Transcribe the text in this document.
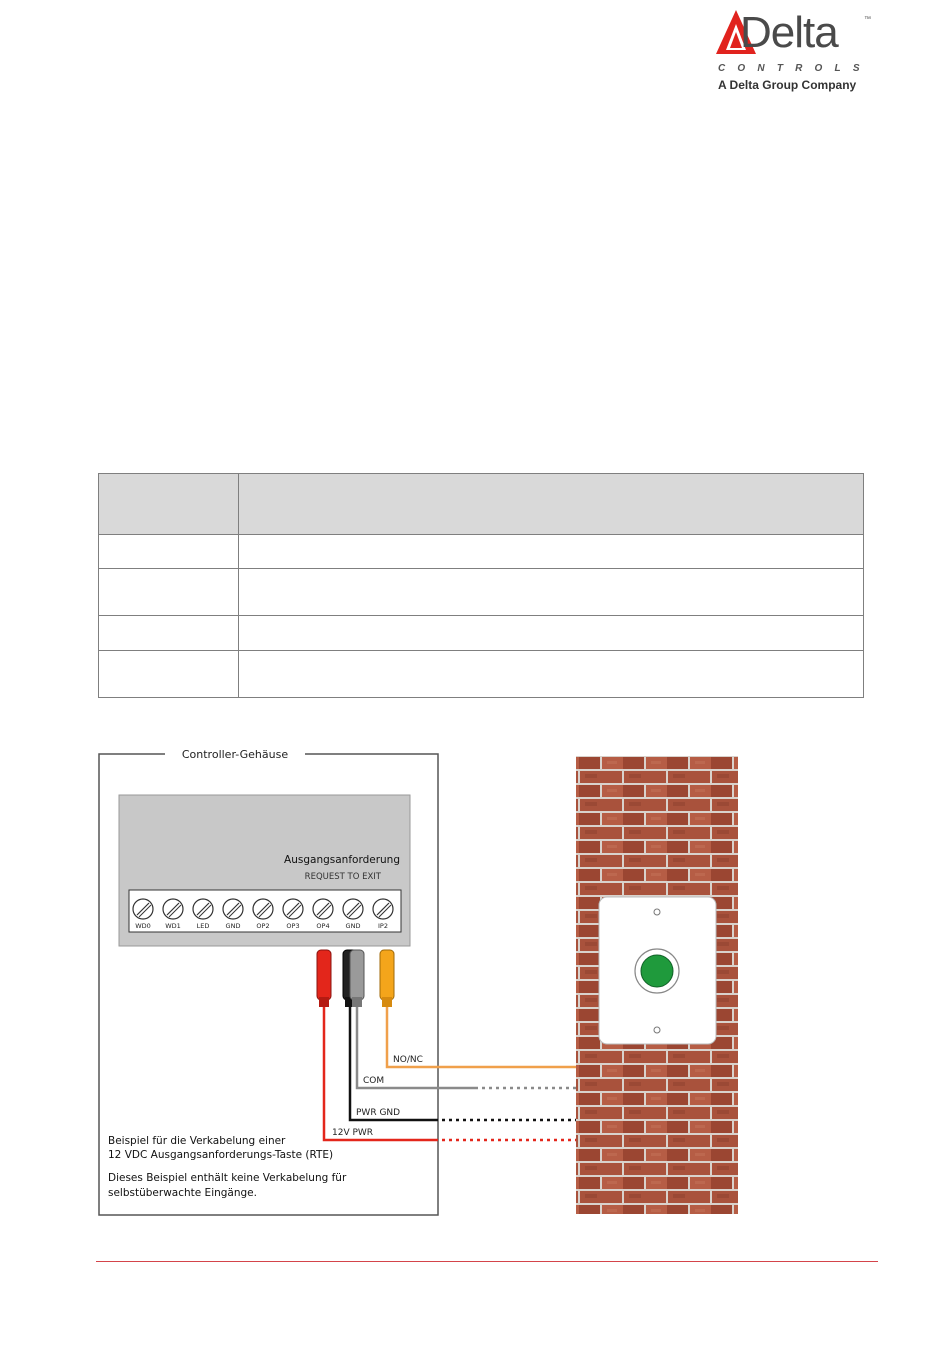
Delta	™
CONTROLS
A Delta Group Company

Controller-Gehäuse
Ausgangsanforderung
REQUEST TO EXIT
WD0 WD1 LED GND OP2	OP3	OP4 GND	IP2
NO/NC
COM
PWR GND
12V PWR
Beispiel für die Verkabelung einer
12 VDC Ausgangsanforderungs-Taste (RTE)
Dieses Beispiel enthält keine Verkabelung für
selbstüberwachte Eingänge.
